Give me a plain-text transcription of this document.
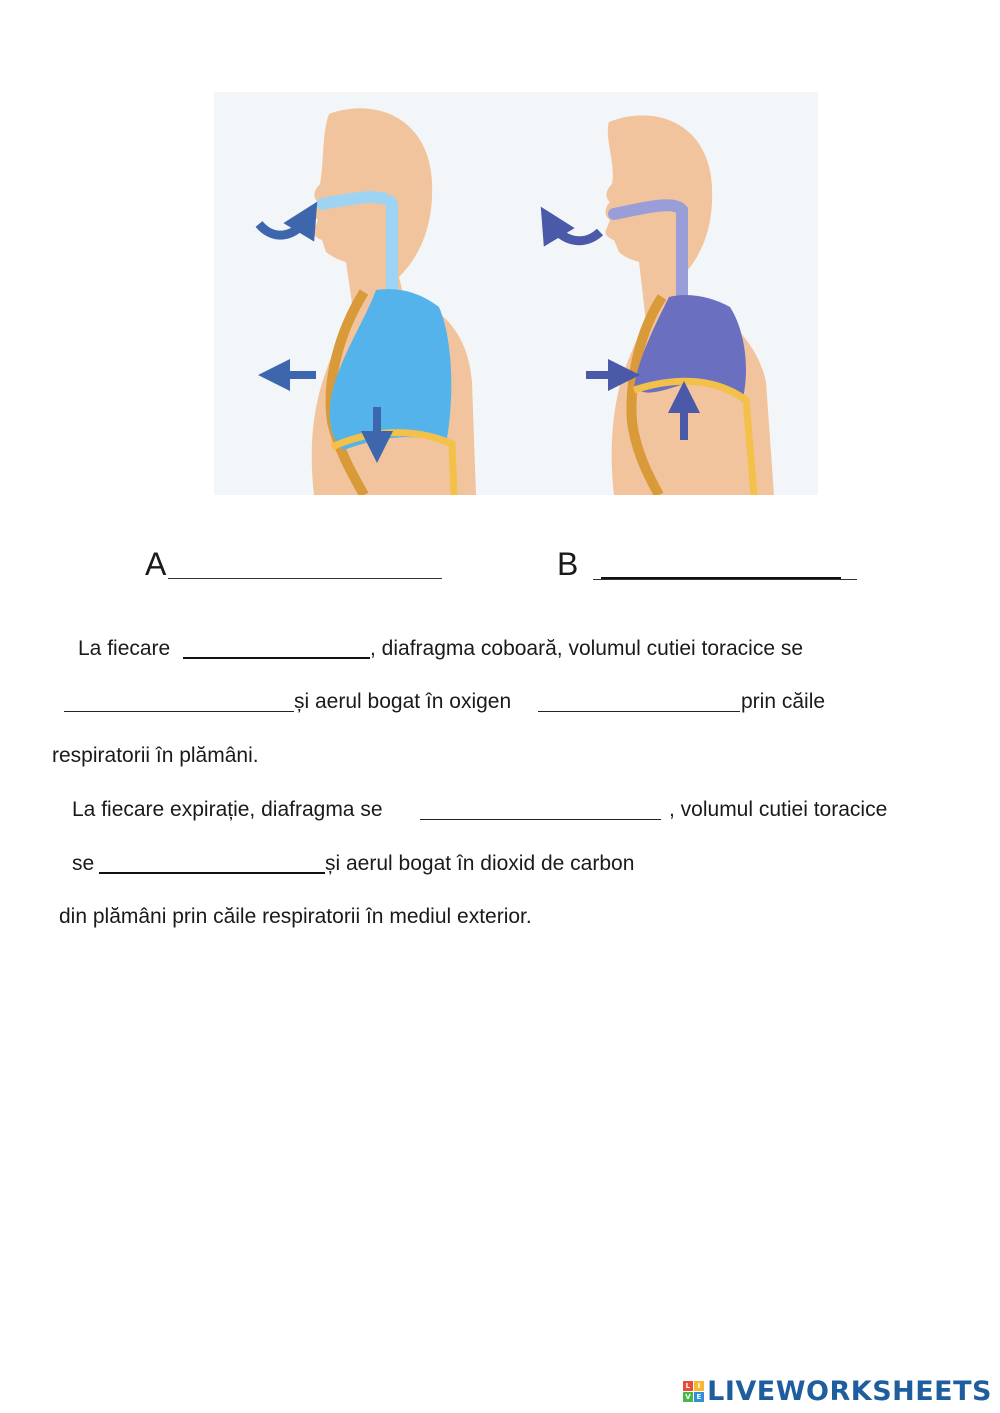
A	B
La fiecare	, diafragma coboară, volumul cutiei toracice se
și aerul bogat în oxigen	prin căile
respiratorii în plămâni.
La fiecare expirație, diafragma se	, volumul cutiei toracice
se	și aerul bogat în dioxid de carbon
din plămâni prin căile respiratorii în mediul exterior.
L I
V E LIVEWORKSHEETS
